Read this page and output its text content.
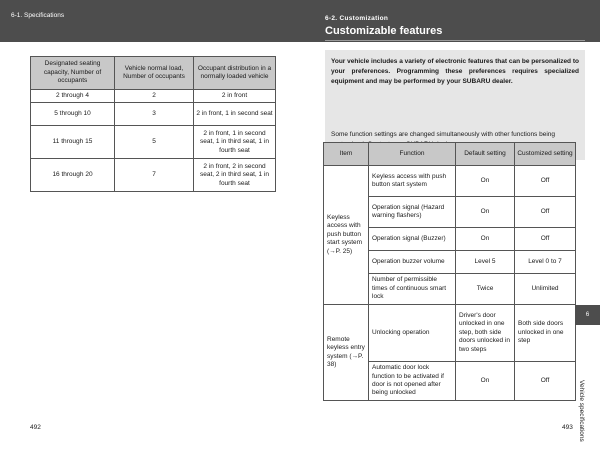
6-1. Specifications	6-2. Customization
Customizable features
Designated seating capacity, Number of occupants	Vehicle normal load, Number of occupants	Occupant distribution in a normally loaded vehicle
2 through 4	2	2 in front
5 through 10	3	2 in front, 1 in second seat
11 through 15	5	2 in front, 1 in second seat, 1 in third seat, 1 in fourth seat
16 through 20	7	2 in front, 2 in second seat, 2 in third seat, 1 in fourth seat
Your vehicle includes a variety of electronic features that can be personalized to your preferences. Programming these preferences requires specialized equipment and may be performed by your SUBARU dealer.
Some function settings are changed simultaneously with other functions being
Item	Function	Default setting	Customized setting
Keyless access with push button start system (→P. 25)	Keyless access with push button start system	On	Off
	Operation signal (Hazard warning flashers)	On	Off
	Operation signal (Buzzer)	On	Off
	Operation buzzer volume	Level 5	Level 0 to 7
	Number of permissible times of continuous smart lock	Twice	Unlimited
Remote keyless entry system (→P. 38)	Unlocking operation	Driver's door unlocked in one step, both side doors unlocked in two steps	Both side doors unlocked in one step
	Automatic door lock function to be activated if door is not opened after being unlocked	On	Off
6
Vehicle specifications
492	493
